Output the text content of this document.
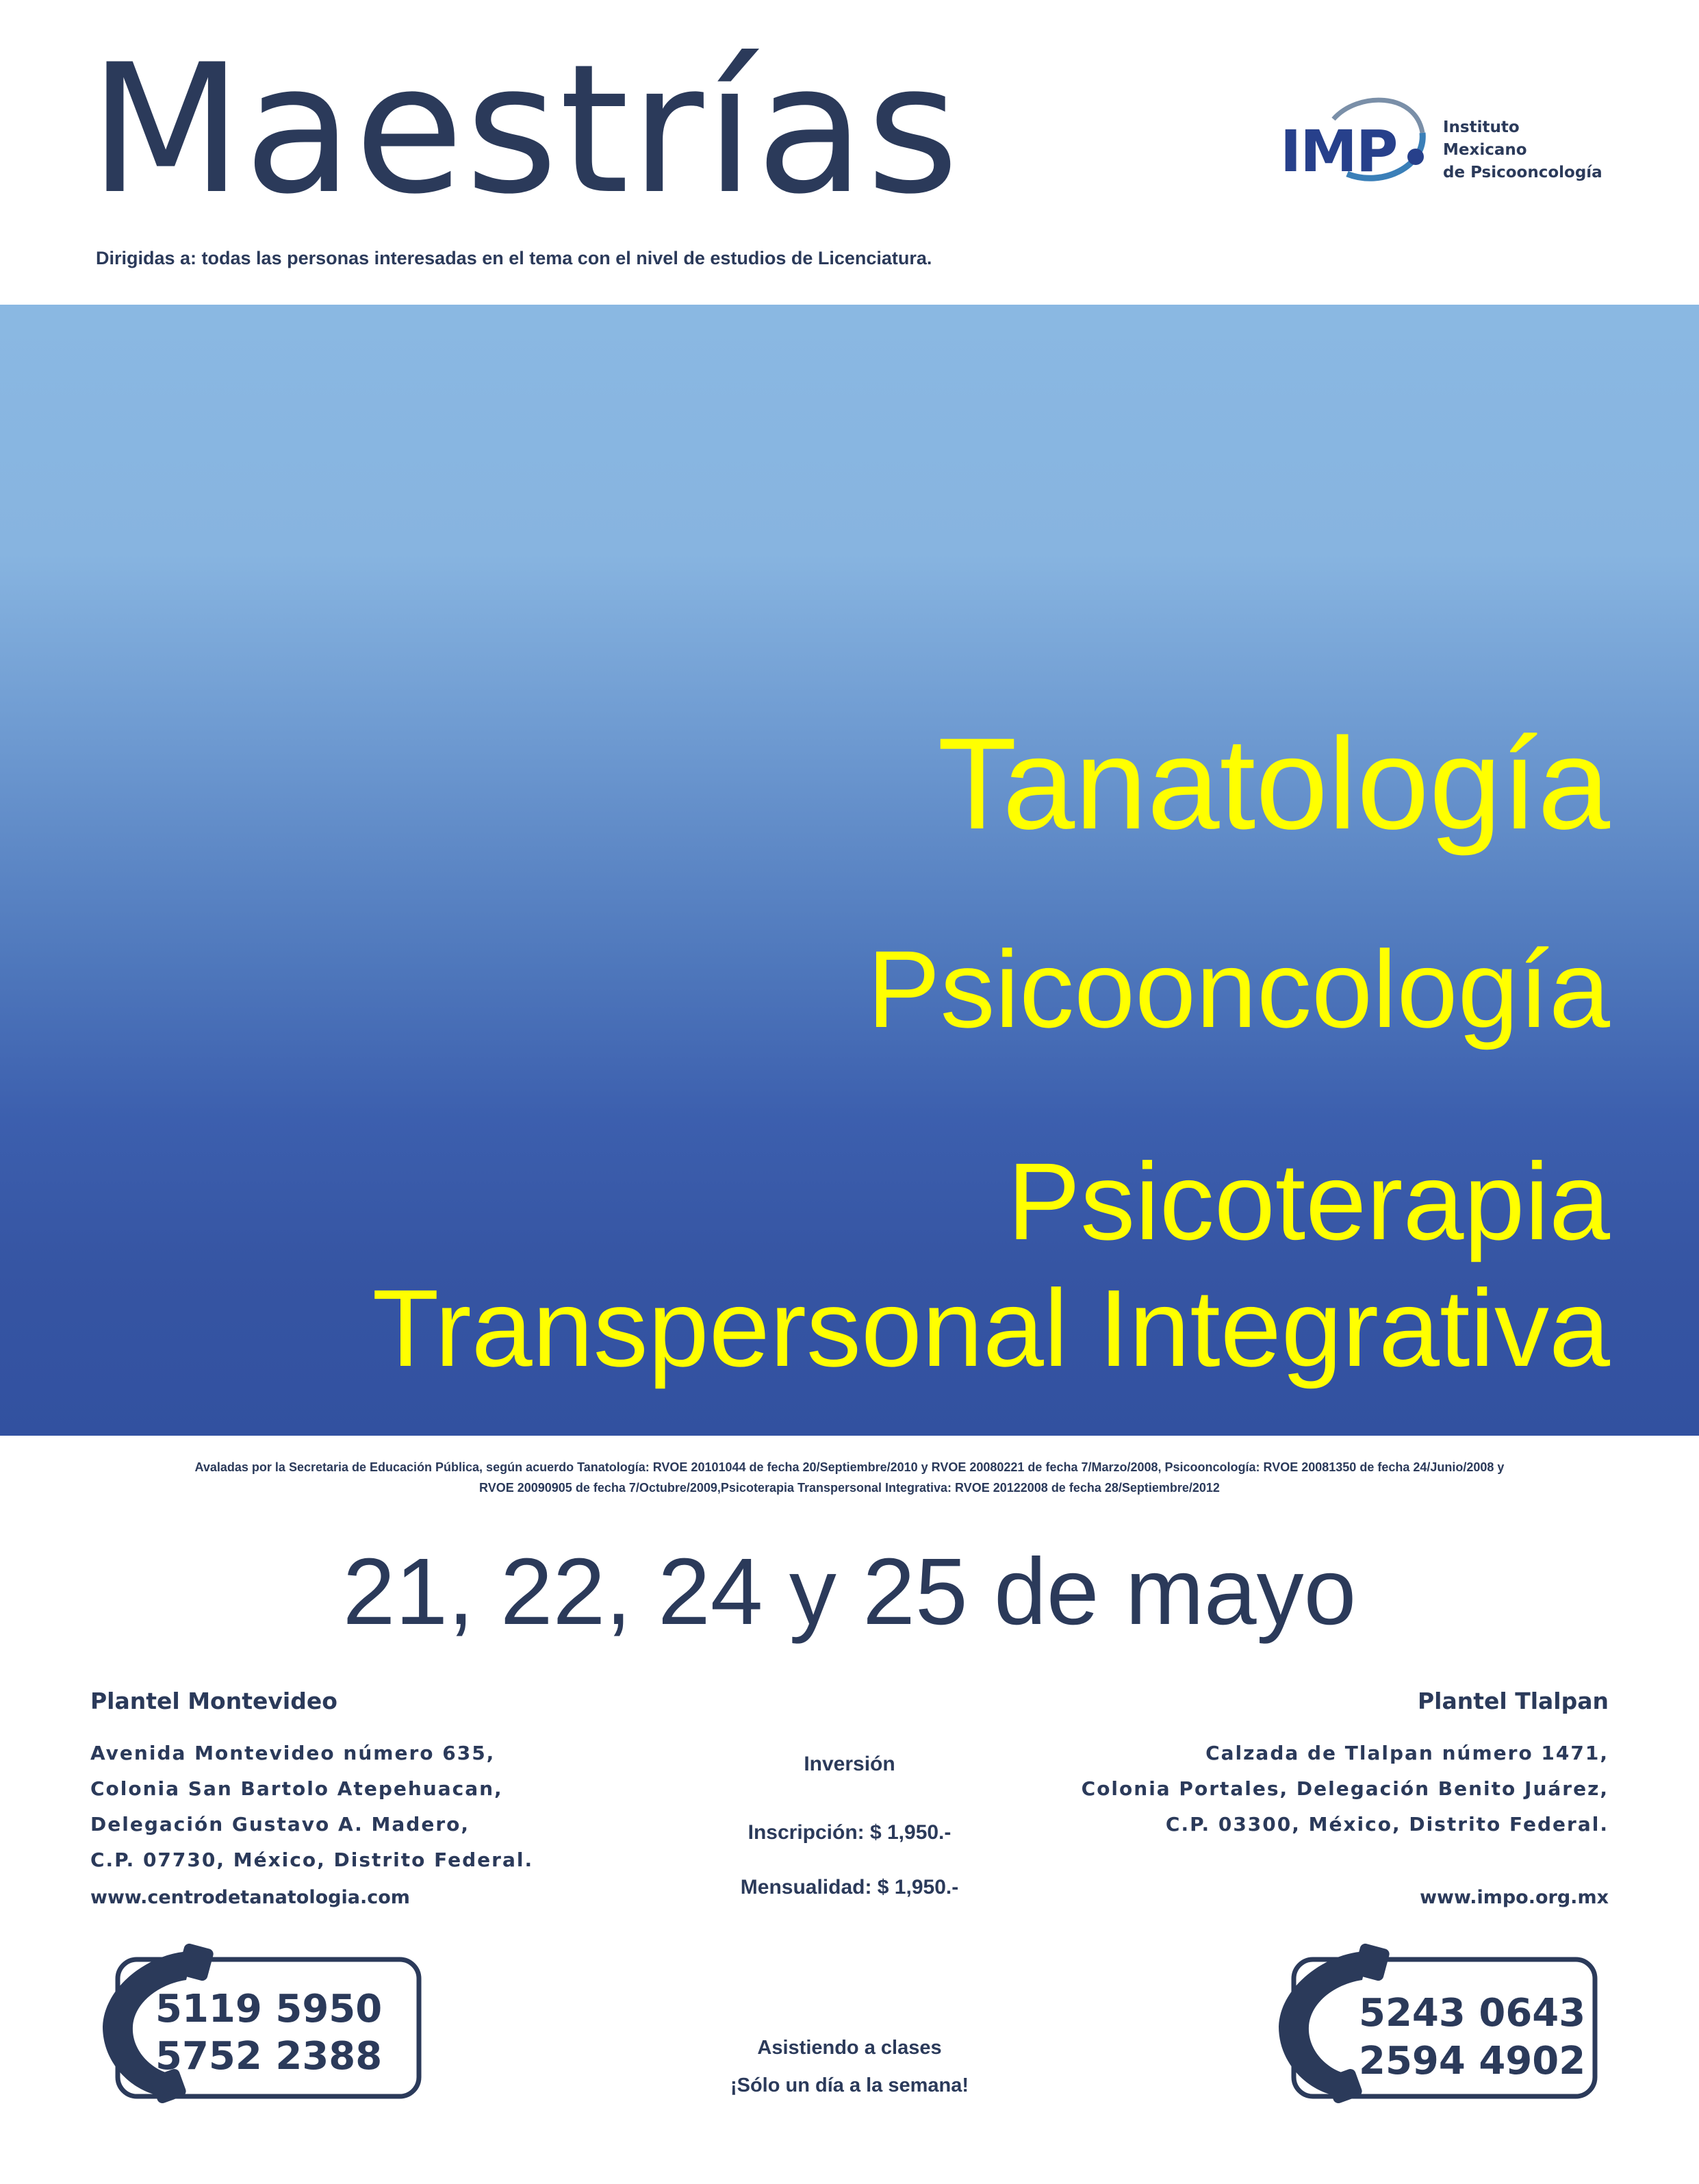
Maestrías
Dirigidas a: todas las personas interesadas en el tema con el nivel de estudios de Licenciatura.
IMP	Instituto
Mexicano
de Psicooncología
Tanatología
Psicooncología
Psicoterapia
Transpersonal Integrativa
Avaladas por la Secretaria de Educación Pública, según acuerdo Tanatología: RVOE 20101044 de fecha 20/Septiembre/2010 y RVOE 20080221 de fecha 7/Marzo/2008, Psicooncología: RVOE 20081350 de fecha 24/Junio/2008 y
RVOE 20090905 de fecha 7/Octubre/2009,Psicoterapia Transpersonal Integrativa: RVOE 20122008 de fecha 28/Septiembre/2012
21, 22, 24 y 25 de mayo
Plantel Montevideo
Avenida Montevideo número 635,
Colonia San Bartolo Atepehuacan,
Delegación Gustavo A. Madero,
C.P. 07730, México, Distrito Federal.
www.centrodetanatologia.com
5119 5950
5752 2388
Inversión
Inscripción: $ 1,950.-
Mensualidad: $ 1,950.-
Asistiendo a clases
¡Sólo un día a la semana!
Plantel Tlalpan
Calzada de Tlalpan número 1471,
Colonia Portales, Delegación Benito Juárez,
C.P. 03300, México, Distrito Federal.
www.impo.org.mx
5243 0643
2594 4902
